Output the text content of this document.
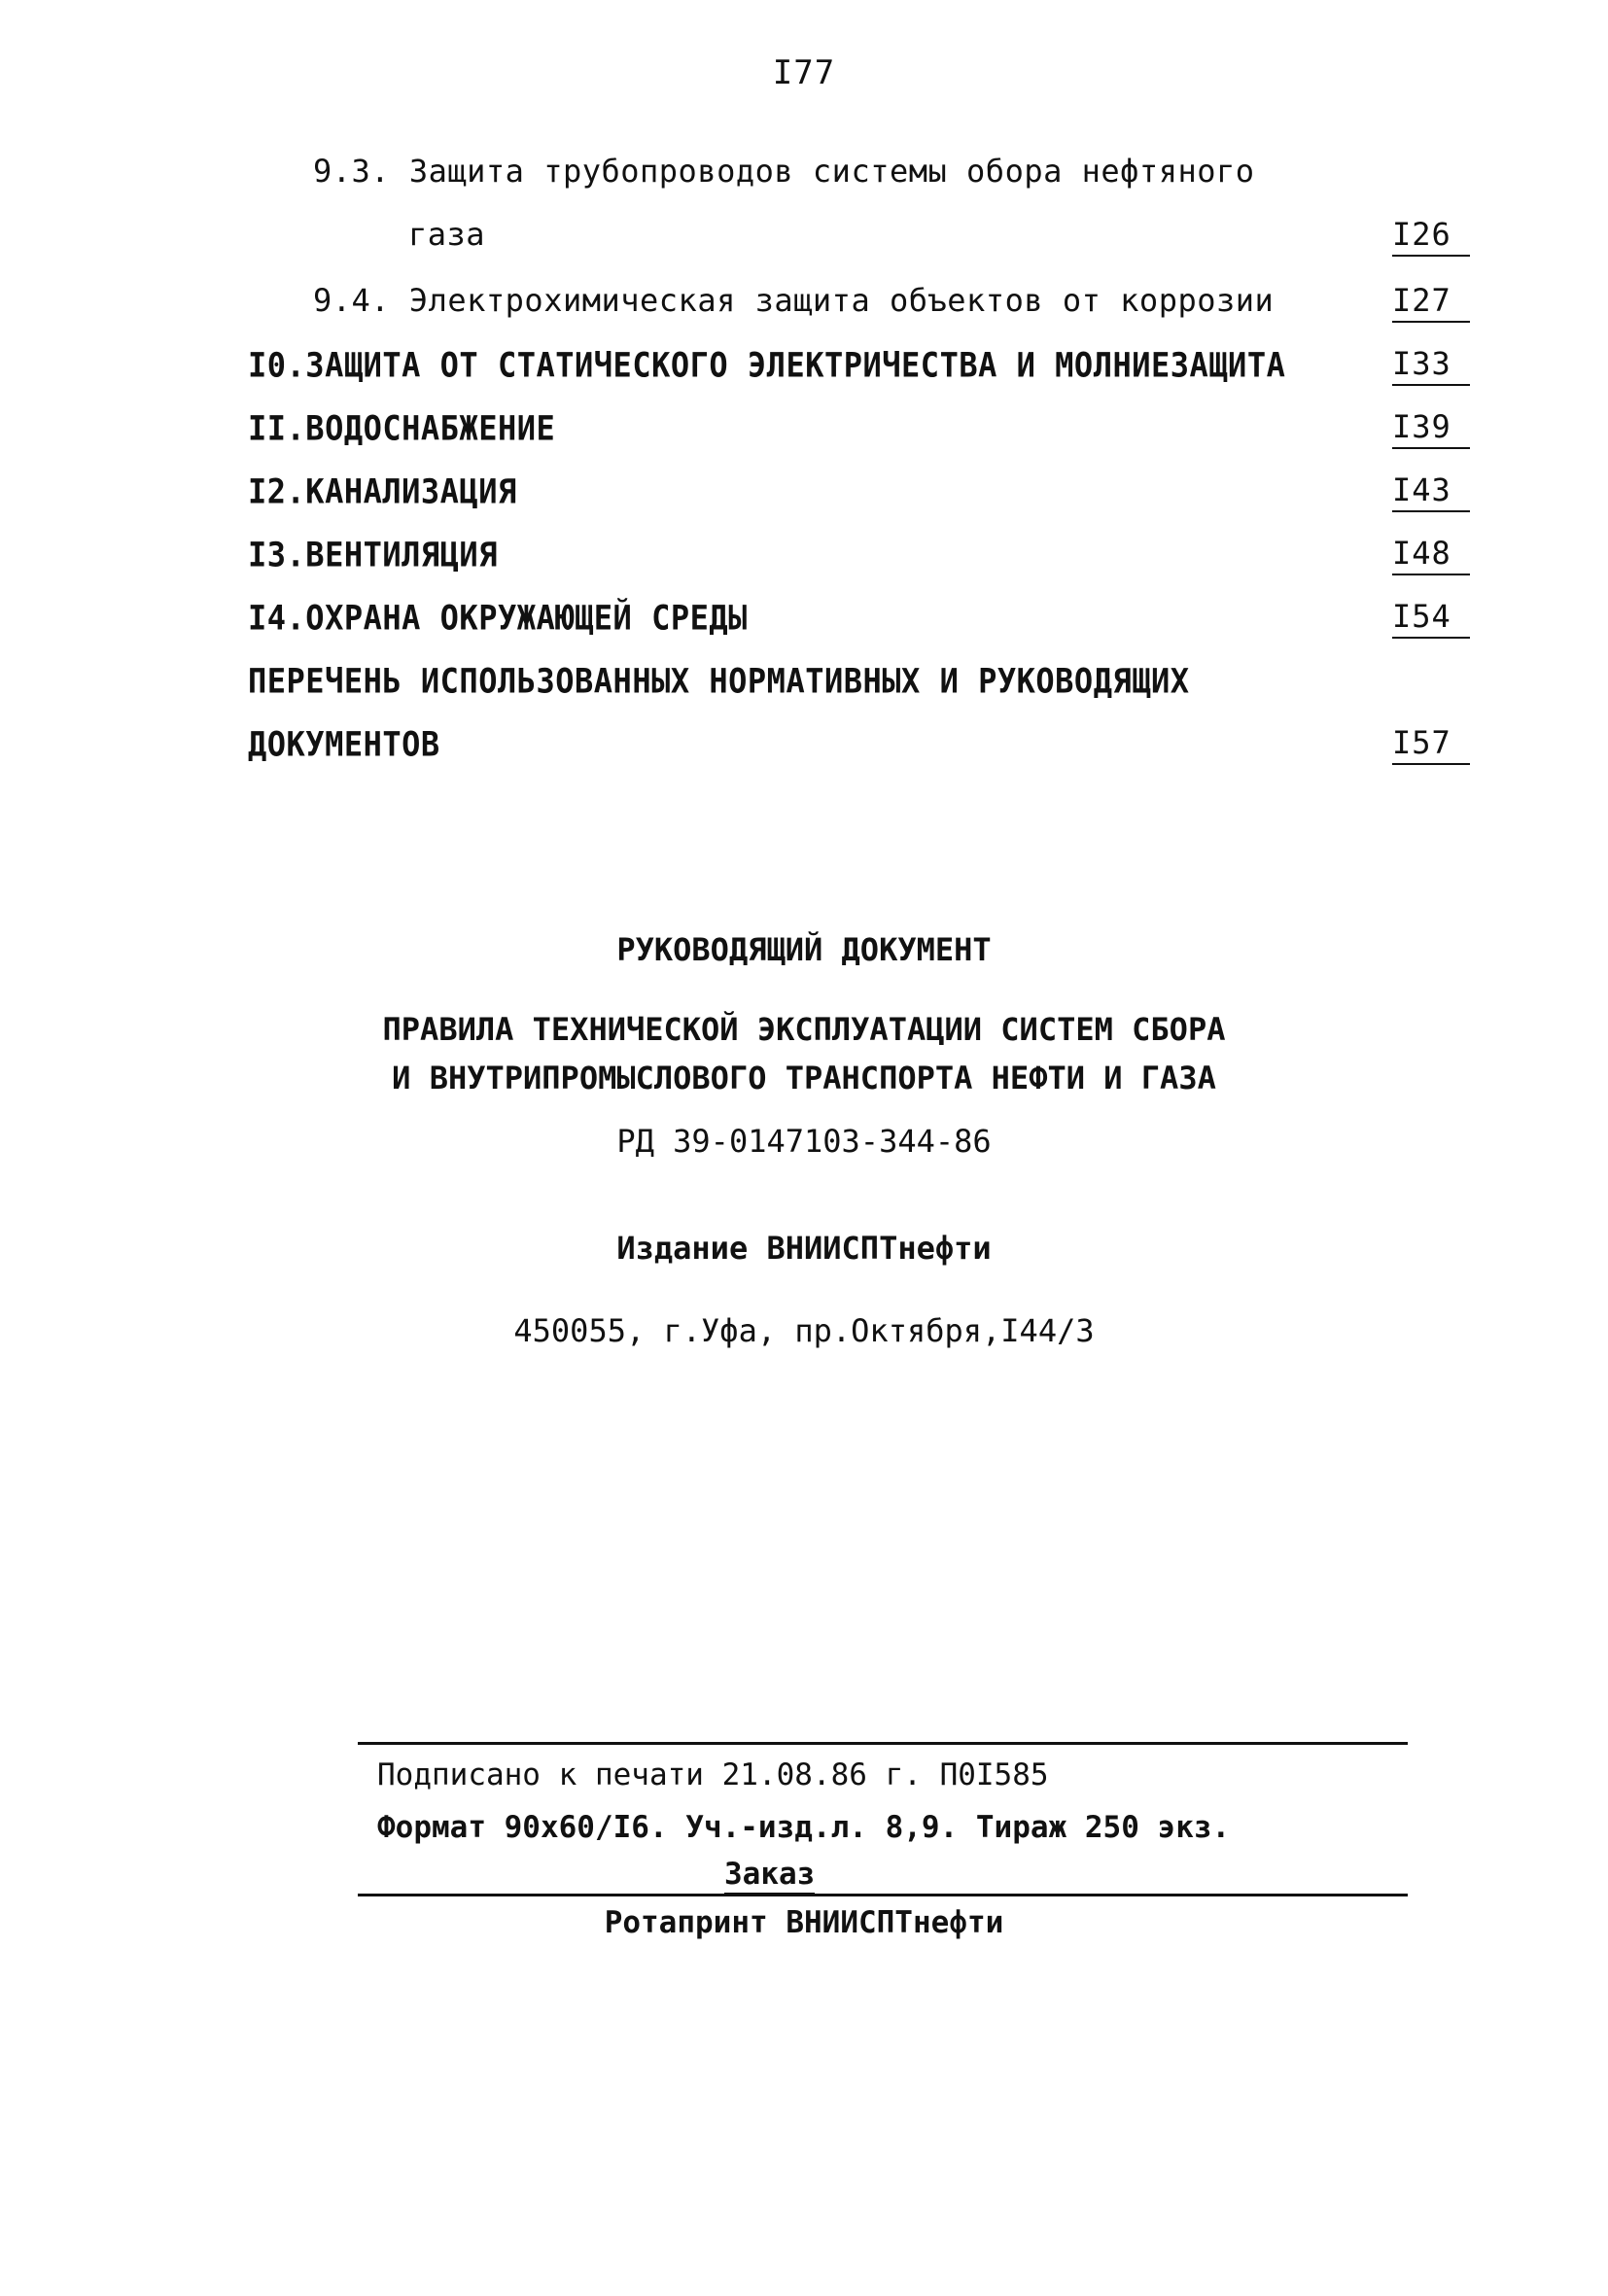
I77
9.3. Защита трубопроводов системы обора нефтяного
газа	I26
9.4. Электрохимическая защита объектов от коррозии	I27
I0.ЗАЩИТА ОТ СТАТИЧЕСКОГО ЭЛЕКТРИЧЕСТВА И МОЛНИЕЗАЩИТА	I33
II.ВОДОСНАБЖЕНИЕ	I39
I2.КАНАЛИЗАЦИЯ	I43
I3.ВЕНТИЛЯЦИЯ	I48
I4.ОХРАНА ОКРУЖАЮЩЕЙ СРЕДЫ	I54
ПЕРЕЧЕНЬ ИСПОЛЬЗОВАННЫХ НОРМАТИВНЫХ И РУКОВОДЯЩИХ
ДОКУМЕНТОВ	I57
РУКОВОДЯЩИЙ ДОКУМЕНТ
ПРАВИЛА ТЕХНИЧЕСКОЙ ЭКСПЛУАТАЦИИ СИСТЕМ СБОРА
И ВНУТРИПРОМЫСЛОВОГО ТРАНСПОРТА НЕФТИ И ГАЗА
РД 39-0147103-344-86
Издание ВНИИСПТнефти
450055, г.Уфа, пр.Октября,I44/3
Подписано к печати 21.08.86 г. П0I585
Формат 90х60/I6. Уч.-изд.л. 8,9. Тираж 250 экз.
Заказ
Ротапринт ВНИИСПТнефти
